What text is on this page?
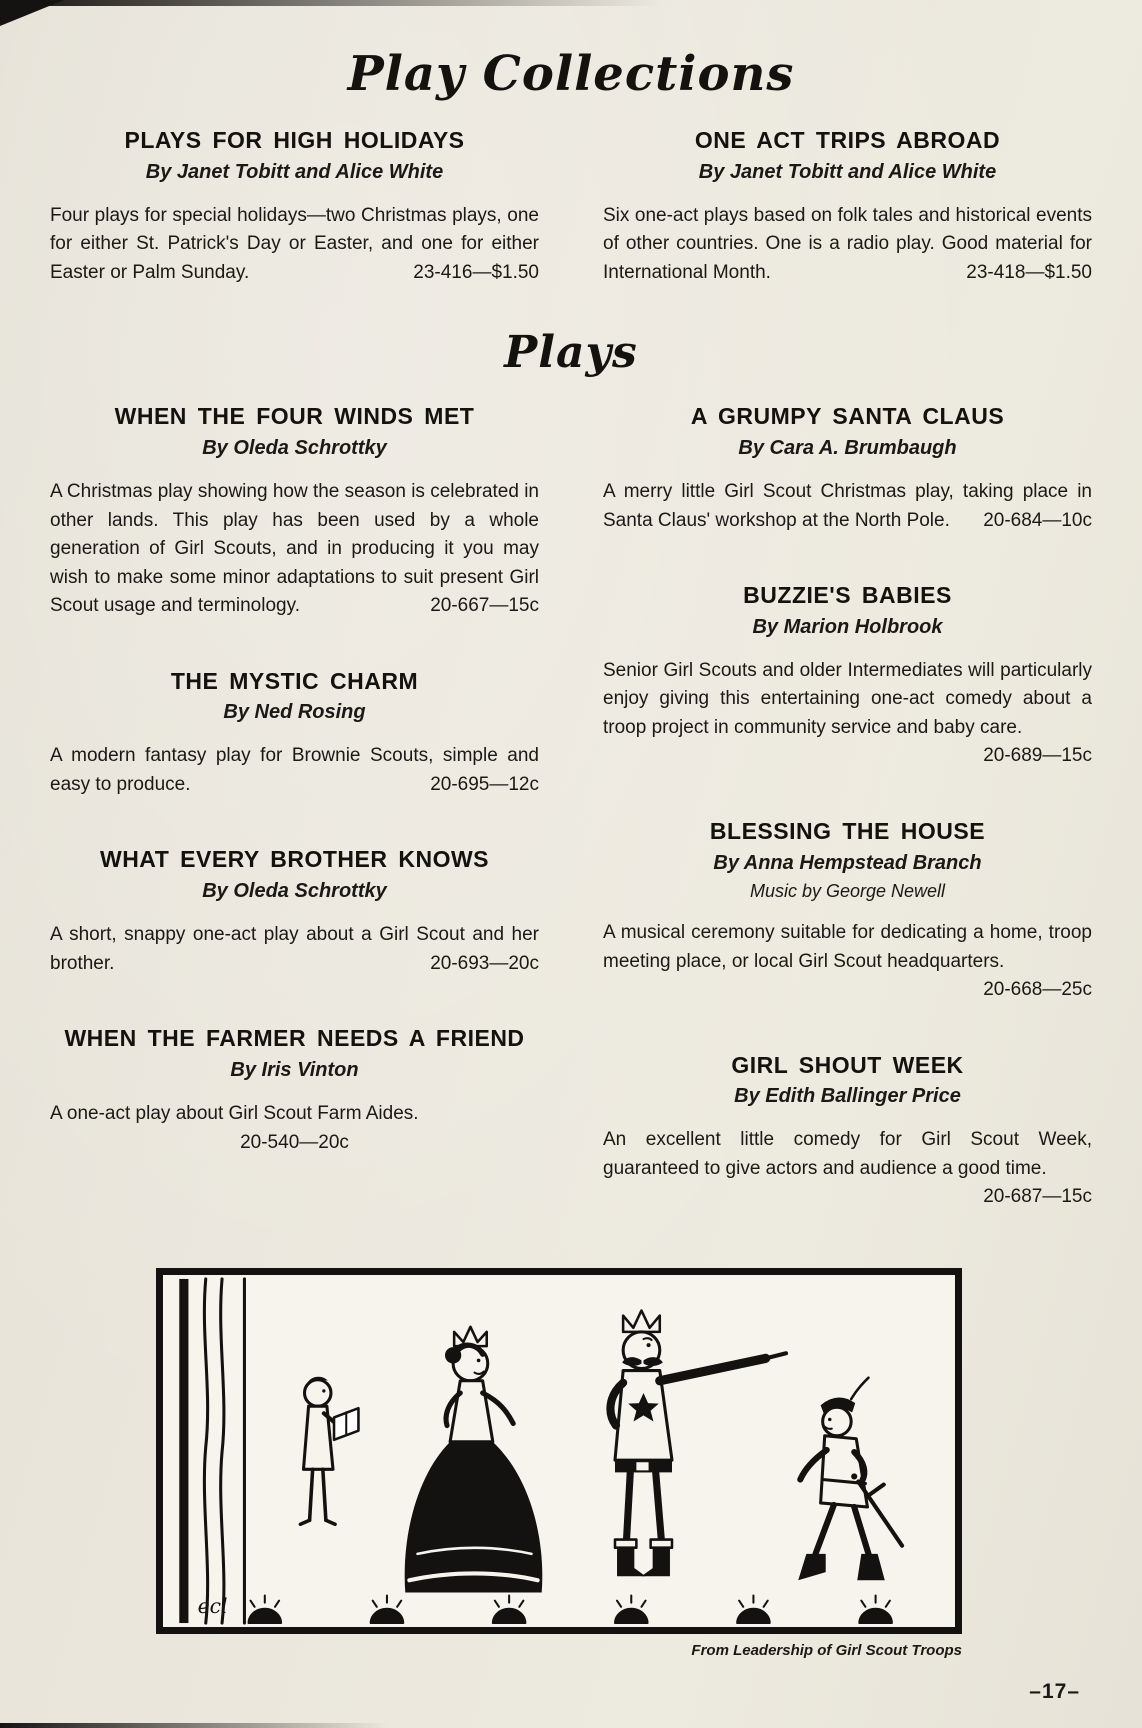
Play Collections
PLAYS FOR HIGH HOLIDAYS

By Janet Tobitt and Alice White

Four plays for special holidays—two Christmas plays, one for either St. Patrick's Day or Easter, and one for either Easter or Palm Sunday.	23-416—$1.50

ONE ACT TRIPS ABROAD

By Janet Tobitt and Alice White

Six one-act plays based on folk tales and historical events of other countries. One is a radio play. Good material for International Month.	23-418—$1.50

Plays
WHEN THE FOUR WINDS MET

By Oleda Schrottky

A Christmas play showing how the season is celebrated in other lands. This play has been used by a whole generation of Girl Scouts, and in producing it you may wish to make some minor adaptations to suit present Girl Scout usage and terminology.	20-667—15c

THE MYSTIC CHARM

By Ned Rosing

A modern fantasy play for Brownie Scouts, simple and easy to produce.	20-695—12c

WHAT EVERY BROTHER KNOWS

By Oleda Schrottky

A short, snappy one-act play about a Girl Scout and her brother.	20-693—20c

WHEN THE FARMER NEEDS A FRIEND

By Iris Vinton

A one-act play about Girl Scout Farm Aides.

20-540—20c
A GRUMPY SANTA CLAUS

By Cara A. Brumbaugh

A merry little Girl Scout Christmas play, taking place in Santa Claus' workshop at the North Pole. 20-684—10c

BUZZIE'S BABIES

By Marion Holbrook

Senior Girl Scouts and older Intermediates will particularly enjoy giving this entertaining one-act comedy about a troop project in community service and baby care.
20-689—15c

BLESSING THE HOUSE

By Anna Hempstead Branch

Music by George Newell

A musical ceremony suitable for dedicating a home, troop meeting place, or local Girl Scout headquarters.
20-668—25c

GIRL SHOUT WEEK

By Edith Ballinger Price

An excellent little comedy for Girl Scout Week, guaranteed to give actors and audience a good time.
20-687—15c

ecl
From Leadership of Girl Scout Troops
–17–
